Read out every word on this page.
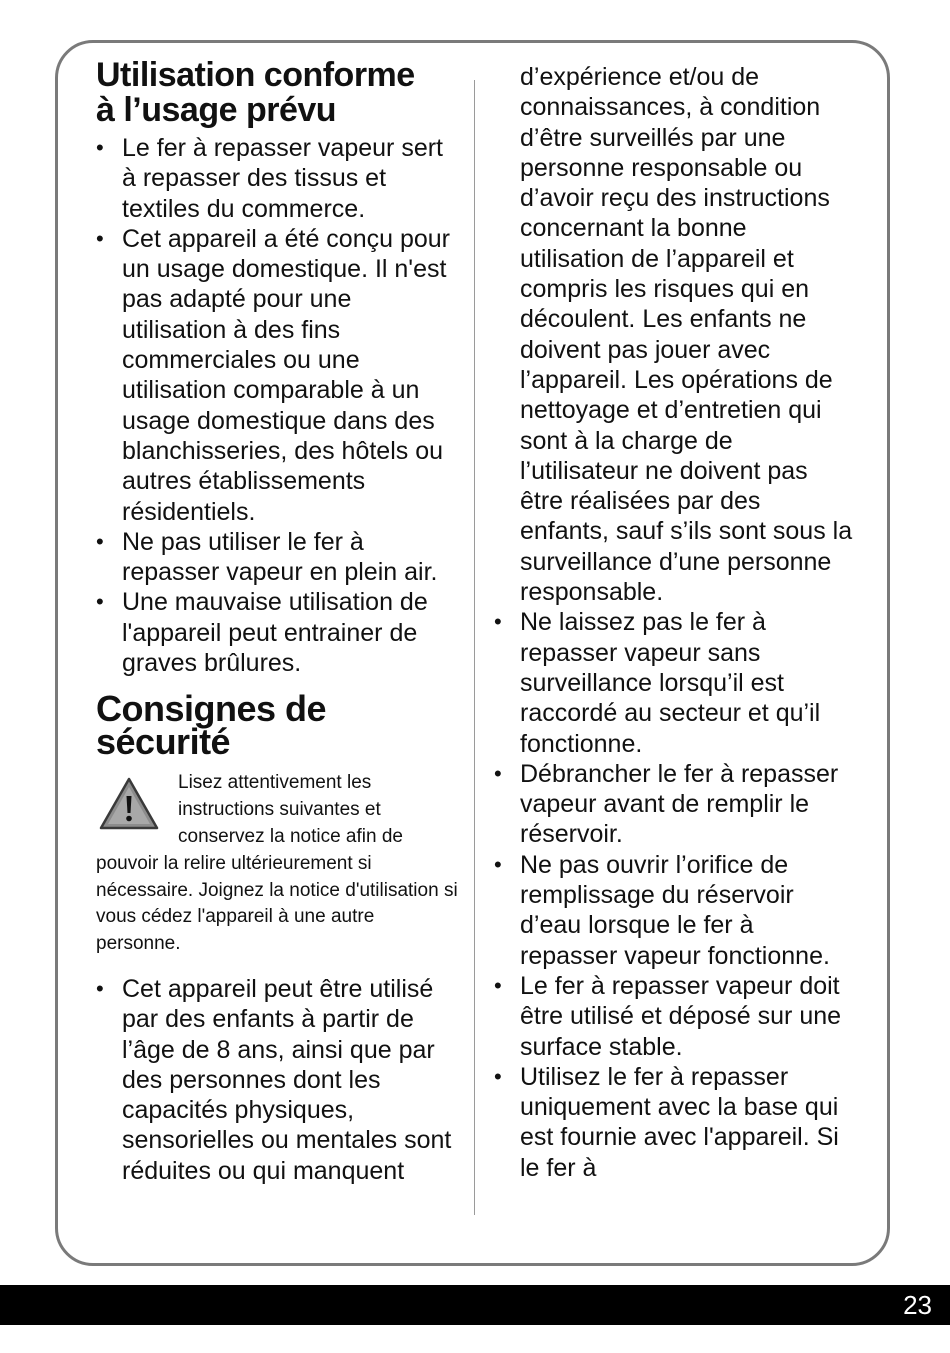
Utilisation conforme
à l’usage prévu
• Le fer à repasser vapeur sert à repasser des tissus et textiles du commerce.
• Cet appareil a été conçu pour un usage domestique. Il n'est pas adapté pour une utilisation à des fins commerciales ou une utilisation comparable à un usage domestique dans des blanchisseries, des hôtels ou autres établissements résidentiels.
• Ne pas utiliser le fer à repasser vapeur en plein air.
• Une mauvaise utilisation de l'appareil peut entrainer de graves brûlures.
Consignes de
sécurité
Lisez attentivement les instructions suivantes et conservez la notice afin de pouvoir la relire ultérieurement si nécessaire. Joignez la notice d'utilisation si vous cédez l'appareil à une autre personne.
• Cet appareil peut être utilisé par des enfants à partir de l’âge de 8 ans, ainsi que par des personnes dont les capacités physiques, sensorielles ou mentales sont réduites ou qui manquent
d’expérience et/ou de connaissances, à condition d’être surveillés par une personne responsable ou d’avoir reçu des instructions concernant la bonne utilisation de l’appareil et compris les risques qui en découlent. Les enfants ne doivent pas jouer avec l’appareil. Les opérations de nettoyage et d’entretien qui sont à la charge de l’utilisateur ne doivent pas être réalisées par des enfants, sauf s’ils sont sous la surveillance d’une personne responsable.
• Ne laissez pas le fer à repasser vapeur sans surveillance lorsqu’il est raccordé au secteur et qu’il fonctionne.
• Débrancher le fer à repasser vapeur avant de remplir le réservoir.
• Ne pas ouvrir l’orifice de remplissage du réservoir d’eau lorsque le fer à repasser vapeur fonctionne.
• Le fer à repasser vapeur doit être utilisé et déposé sur une surface stable.
• Utilisez le fer à repasser uniquement avec la base qui est fournie avec l'appareil. Si le fer à
23
